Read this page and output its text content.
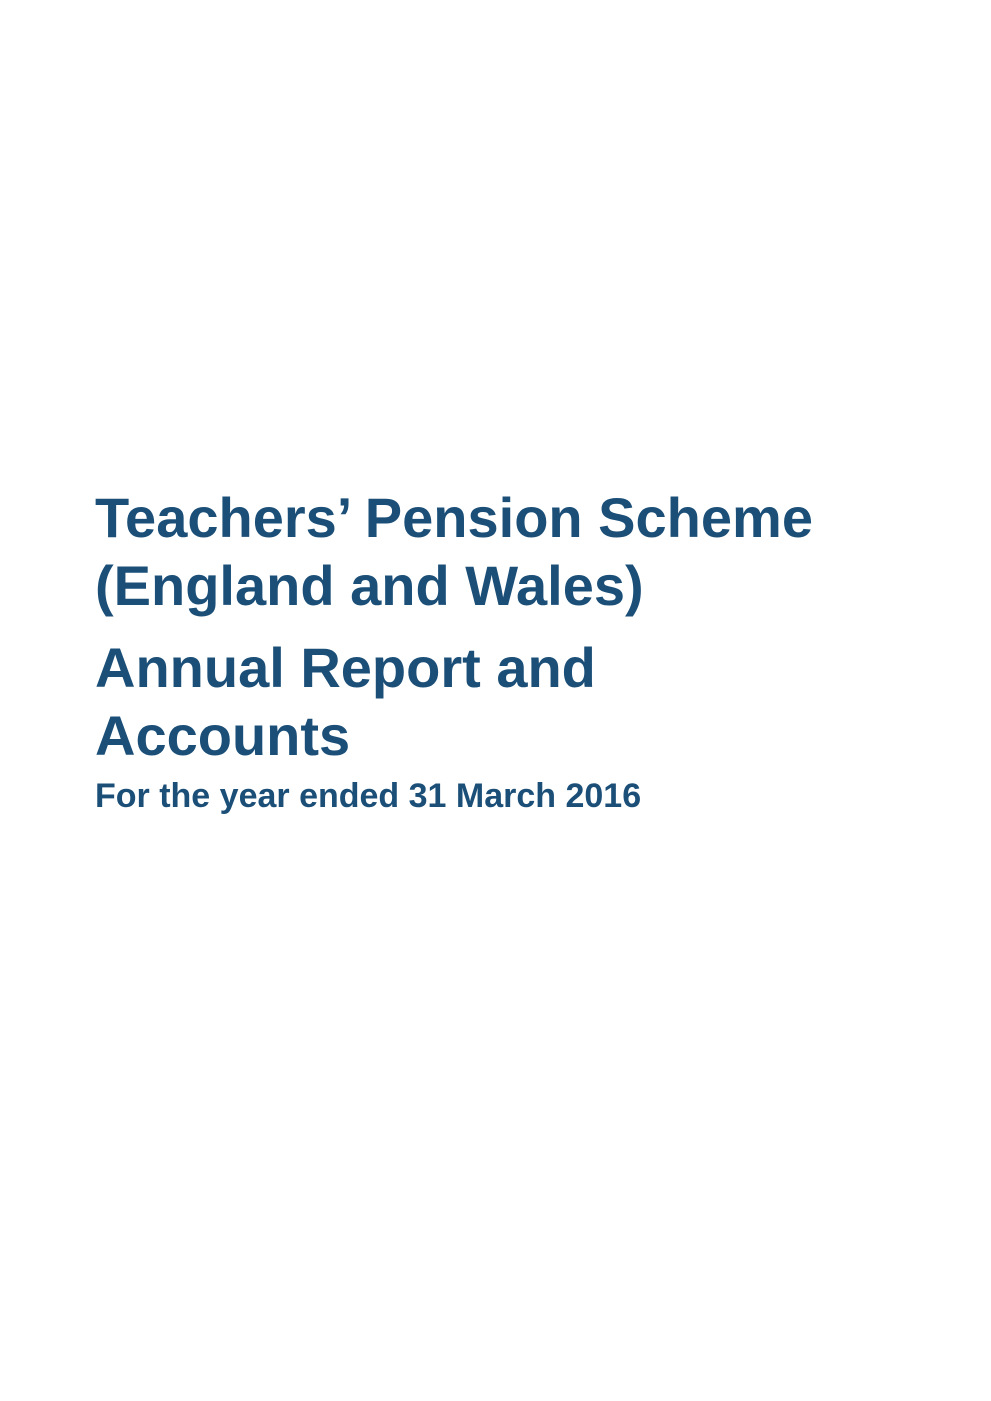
Teachers’ Pension Scheme
(England and Wales)
Annual Report and
Accounts

For the year ended 31 March 2016
